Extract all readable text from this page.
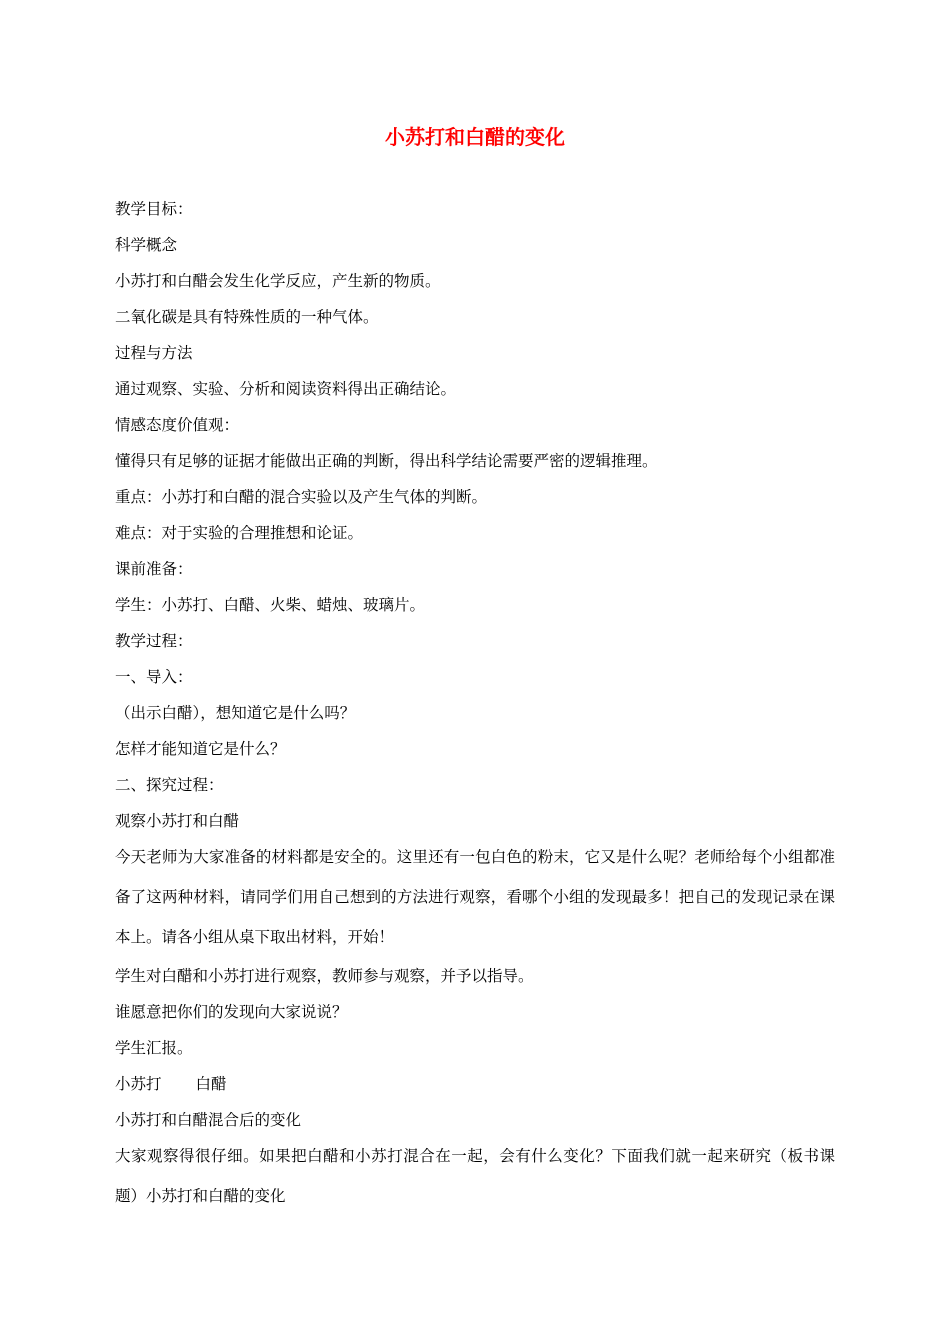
小苏打和白醋的变化

教学目标：

科学概念

小苏打和白醋会发生化学反应，产生新的物质。

二氧化碳是具有特殊性质的一种气体。

过程与方法

通过观察、实验、分析和阅读资料得出正确结论。

情感态度价值观：

懂得只有足够的证据才能做出正确的判断，得出科学结论需要严密的逻辑推理。

重点：小苏打和白醋的混合实验以及产生气体的判断。

难点：对于实验的合理推想和论证。

课前准备：

学生：小苏打、白醋、火柴、蜡烛、玻璃片。

教学过程：

一、导入：

（出示白醋），想知道它是什么吗？

怎样才能知道它是什么？

二、探究过程：

观察小苏打和白醋

今天老师为大家准备的材料都是安全的。这里还有一包白色的粉末，它又是什么呢？老师给每个小组都准备了这两种材料，请同学们用自己想到的方法进行观察，看哪个小组的发现最多！把自己的发现记录在课本上。请各小组从桌下取出材料，开始！

学生对白醋和小苏打进行观察，教师参与观察，并予以指导。

谁愿意把你们的发现向大家说说？

学生汇报。

小苏打 白醋

小苏打和白醋混合后的变化

大家观察得很仔细。如果把白醋和小苏打混合在一起，会有什么变化？下面我们就一起来研究（板书课题）小苏打和白醋的变化
